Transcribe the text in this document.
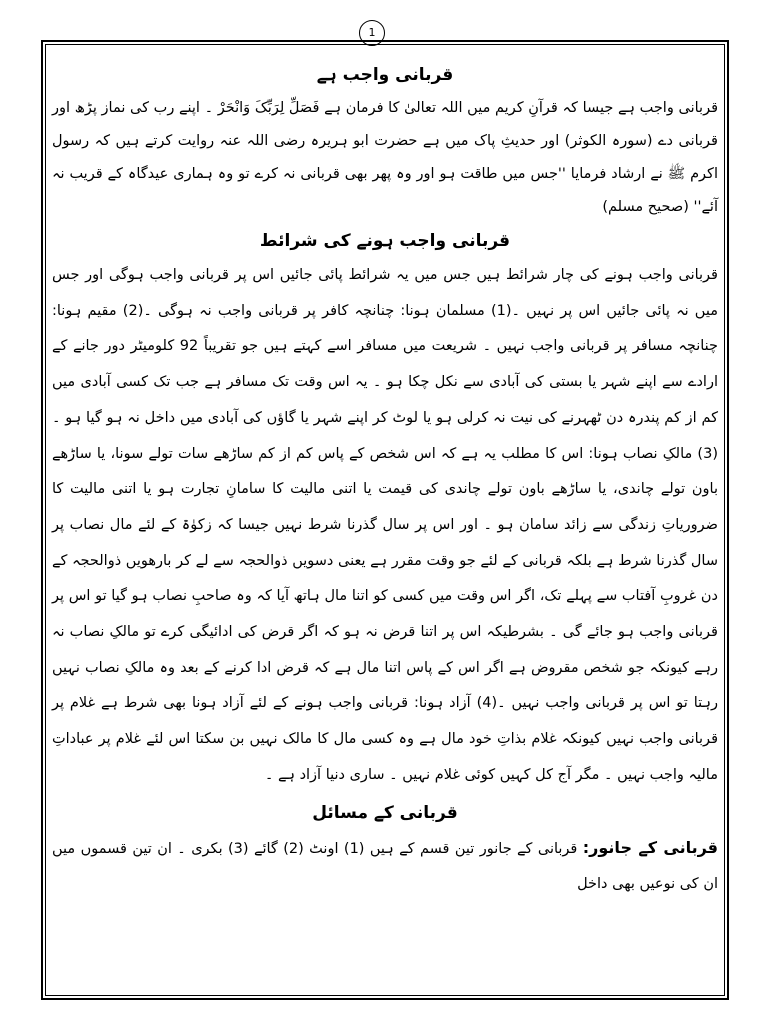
1
قربانی واجب ہے

قربانی واجب ہے جیسا کہ قرآنِ کریم میں اللہ تعالیٰ کا فرمان ہے فَصَلِّ لِرَبِّکَ وَانْحَرْ ۔ اپنے رب کی نماز پڑھ اور قربانی دے (سورہ الکوثر) اور حدیثِ پاک میں ہے حضرت ابو ہریرہ رضی اللہ عنہ روایت کرتے ہیں کہ رسول اکرم ﷺ نے ارشاد فرمایا ''جس میں طاقت ہو اور وہ پھر بھی قربانی نہ کرے تو وہ ہماری عیدگاہ کے قریب نہ آئے'' (صحیح مسلم)

قربانی واجب ہونے کی شرائط

قربانی واجب ہونے کی چار شرائط ہیں جس میں یہ شرائط پائی جائیں اس پر قربانی واجب ہوگی اور جس میں نہ پائی جائیں اس پر نہیں ۔(1) مسلمان ہونا: چنانچہ کافر پر قربانی واجب نہ ہوگی ۔(2) مقیم ہونا: چنانچہ مسافر پر قربانی واجب نہیں ۔ شریعت میں مسافر اسے کہتے ہیں جو تقریباً 92 کلومیٹر دور جانے کے ارادے سے اپنے شہر یا بستی کی آبادی سے نکل چکا ہو ۔ یہ اس وقت تک مسافر ہے جب تک کسی آبادی میں کم از کم پندرہ دن ٹھہرنے کی نیت نہ کرلی ہو یا لوٹ کر اپنے شہر یا گاؤں کی آبادی میں داخل نہ ہو گیا ہو ۔(3) مالکِ نصاب ہونا: اس کا مطلب یہ ہے کہ اس شخص کے پاس کم از کم ساڑھے سات تولے سونا، یا ساڑھے باون تولے چاندی، یا ساڑھے باون تولے چاندی کی قیمت یا اتنی مالیت کا سامانِ تجارت ہو یا اتنی مالیت کا ضروریاتِ زندگی سے زائد سامان ہو ۔ اور اس پر سال گذرنا شرط نہیں جیسا کہ زکوٰۃ کے لئے مال نصاب پر سال گذرنا شرط ہے بلکہ قربانی کے لئے جو وقت مقرر ہے یعنی دسویں ذوالحجہ سے لے کر بارھویں ذوالحجہ کے دن غروبِ آفتاب سے پہلے تک، اگر اس وقت میں کسی کو اتنا مال ہاتھ آیا کہ وہ صاحبِ نصاب ہو گیا تو اس پر قربانی واجب ہو جائے گی ۔ بشرطیکہ اس پر اتنا قرض نہ ہو کہ اگر قرض کی ادائیگی کرے تو مالکِ نصاب نہ رہے کیونکہ جو شخص مقروض ہے اگر اس کے پاس اتنا مال ہے کہ قرض ادا کرنے کے بعد وہ مالکِ نصاب نہیں رہتا تو اس پر قربانی واجب نہیں ۔(4) آزاد ہونا: قربانی واجب ہونے کے لئے آزاد ہونا بھی شرط ہے غلام پر قربانی واجب نہیں کیونکہ غلام بذاتِ خود مال ہے وہ کسی مال کا مالک نہیں بن سکتا اس لئے غلام پر عباداتِ مالیہ واجب نہیں ۔ مگر آج کل کہیں کوئی غلام نہیں ۔ ساری دنیا آزاد ہے ۔

قربانی کے مسائل

قربانی کے جانور: قربانی کے جانور تین قسم کے ہیں (1) اونٹ (2) گائے (3) بکری ۔ ان تین قسموں میں ان کی نوعیں بھی داخل
